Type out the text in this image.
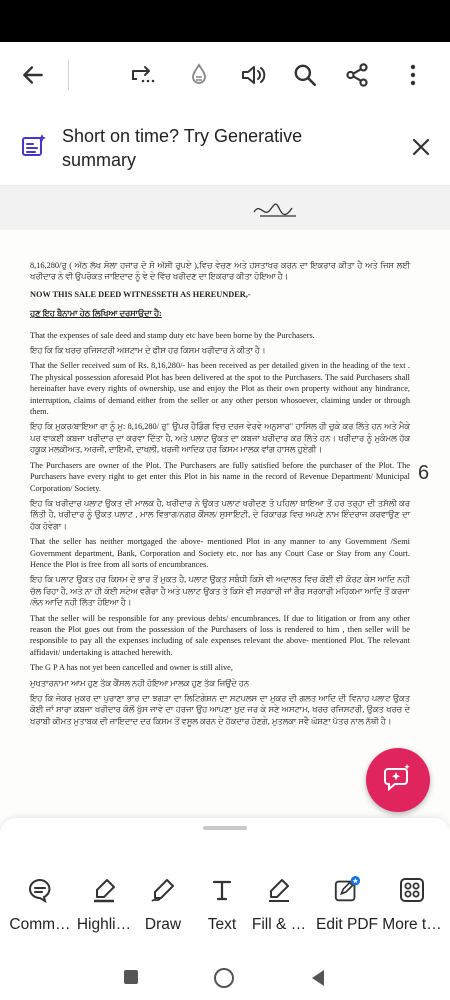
Short on time? Try Generative summary

8,16,280/ਰੁ ( ਅੱਠ ਲੱਖ ਸੋਲਾ ਹਜਾਰ ਦੋ ਸੋ ਅੱਸੀ ਰੁਪਏ ),ਵਿਚ ਵੇਚਣ ਅਤੇ ਹਸਤਾਖਰ ਕਰਨ ਦਾ ਇਕਰਾਰ ਕੀਤਾ ਹੈ ਅਤੇ ਜਿਸ ਲਈ ਖਰੀਦਾਰ ਨੇ ਵੀ ਉਪਰੋਕਤ ਜਾਇਦਾਦ ਨੂੰ ਵੇ ਦੇ ਵਿੱਚ ਖਰੀਦਣ ਦਾ ਇਕਰਾਰ ਕੀਤਾ ਹੋਇਆ ਹੈ।

NOW THIS SALE DEED WITNESSETH AS HEREUNDER,-

ਹੁਣ ਇਹ ਬੈਨਾਮਾ ਹੇਠ ਲਿਖਿਆ ਦਰਸਾਉਦਾ ਹੈ:

That the expenses of sale deed and stamp duty etc have been borne by the Purchasers.

ਇਹ ਕਿ ਕਿ ਖਰਚ ਰਜਿਸਟਰੀ ਅਸ਼ਟਾਮ ਦੇ ਫੀਸ ਹਰ ਕਿਸਮ ਖਰੀਦਾਰ ਨੇ ਕੀਤਾ ਹੈ।

That the Seller received sum of Rs. 8,16,280/- has been received as per detailed given in the heading of the text . The physical possession aforesaid Plot has been delivered at the spot to the Purchasers. The said Purchasers shall hereinafter have every rights of ownership, use and enjoy the Plot as their own property without any hindrance, interruption, claims of demand either from the seller or any other person whosoever, claiming under or through them.

ਇਹ ਕਿ ਮੁਕਰ/ਬਾਇਆ ਰਾ ਨੂੰ ਮੁ: 8,16,280/ ਰੁ" ਉਪਰ ਹੈਡਿੰਗ ਵਿਚ ਦਰਜ ਵੇਰਵੇ ਅਨੁਸਾਰ" ਹਾਸਿਲ ਹੀ ਚੁਕੇ ਕਰ ਲਿੱਤੇ ਹਨ ਅਤੇ ਮੈਕੇ ਪਰ ਵਾਕਈ ਕਬਜਾ ਖਰੀਦਾਰ ਦਾ ਕਰਵਾ ਦਿੱਤਾ ਹੈ, ਅਤੇ ਪਲਾਟ ਉਕਤ ਦਾ ਕਬਜਾ ਖਰੀਦਾਰ ਕਰ ਲਿੱਤੇ ਹਨ। ਖਰੀਦਾਰ ਨੂੰ ਮੁਕੰਮਲ ਹੱਕ ਹਕੂਕ ਮਲਕੀਅਤ, ਅਰਜੀ, ਦਾਇਮੀ, ਦਾਖਲੀ, ਖਰਜੀ ਆਦਿਕ ਹਰ ਕਿਸਮ ਮਾਲਕ ਵਾਂਗ ਹਾਸਲ ਹੁਏਗੀ।

The Purchasers are owner of the Plot. The Purchasers are fully satisfied before the purchaser of the Plot. The Purchasers have every right to get enter this Plot in his name in the record of Revenue Department/ Municipal Corporation/ Society.

ਇਹ ਕਿ ਖਰੀਦਾਰ ਪਲਾਟ ਉਕਤ ਦੀ ਮਾਲਕ ਹੈ, ਖਰੀਦਾਰ ਨੇ ਉਕਤ ਪਲਾਟ ਖਰੀਦਣ ਤੋ ਪਹਿਲਾ ਬਾਇਆ ਤੋਂ ਹਰ ਤਰ੍ਹਾ ਦੀ ਤਸੱਲੀ ਕਰ ਲਿੱਤੀ ਹੈ, ਖਰੀਦਾਰ ਨੂੰ ਉਕਤ ਪਲਾਟ , ਮਾਲ ਵਿਭਾਗ/ਨਗਰ ਕੌਂਸਲ/ ਸੁਸਾਇਟੀ, ਦੇ ਰਿਕਾਰਡ ਵਿਚ ਅਪਣੇ ਨਾਮ ਇੰਦਰਾਜ ਕਰਵਾਉਣ ਦਾ ਹੱਕ ਹੋਵੇਗਾ।

That the seller has neither mortgaged the above- mentioned Plot in any manner to any Government /Semi Government department, Bank, Corporation and Society etc. nor has any Court Case or Stay from any Court. Hence the Plot is free from all sorts of encumbrances.

ਇਹ ਕਿ ਪਲਾਟ ਉਕਤ ਹਰ ਕਿਸਮ ਦੇ ਭਾਰ ਤੋਂ ਮੁਕਤ ਹੈ, ਪਲਾਟ ਉਕਤ ਸਬੰਧੀ ਕਿਸੇ ਵੀ ਅਦਾਲਤ ਵਿਚ ਕੋਈ ਵੀ ਕੋਰਟ ਕੇਸ ਆਦਿ ਨਹੀ ਚੱਲ ਰਿਹਾ ਹੈ, ਅਤੇ ਨਾ ਹੀ ਕੋਈ ਸਟੇਅ ਵਗੈਰਾ ਹੈ ਅਤੇ ਪਲਾਟ ਉਕਤ ਤੇ ਕਿਸੇ ਵੀ ਸਰਕਾਰੀ ਜਾਂ ਗੈਰ ਸਰਕਾਰੀ ਮਹਿਕਮਾ ਆਦਿ ਤੋਂ ਕਰਜਾ /ਲੋਨ ਆਦਿ ਨਹੀ ਲਿੱਤਾ ਹੋਇਆ ਹੈ।

That the seller will be responsible for any previous debts/ encumbrances. If due to litigation or from any other reason the Plot goes out from the possession of the Purchasers of loss is rendered to him , then seller will be responsible to pay all the expenses including of sale expenses relevant the above- mentioned Plot. The relevant affidavit/ undertaking is attached herewith.

The G P A has not yet been cancelled and owner is still alive,

ਮੁਖਤਾਰਨਾਮਾ ਆਮ ਹੁਣ ਤੱਕ ਕੈਂਸਲ ਨਹੀ ਹੋਇਆ ਮਾਲਕ ਹੁਣ ਤੱਕ ਜਿਉਂਦੇ ਹਨ

ਇਹ ਕਿ ਜੇਕਰ ਮੁਕਰ ਦਾ ਪੁਰਾਣਾ ਭਾਰ ਦਾ ਝਗੜਾ ਦਾ ਲਿਟਿਗੇਸ਼ਨ ਦਾ ਸਟਪਲਸ ਦਾ ਮੁਕਰ ਦੀ ਗਲਤ ਆਦਿ ਦੀ ਵਿਨਾਹ ਪਲਾਟ ਉਕਤ ਕੋਈ ਜਾਂ ਸਾਰਾ ਕਬਜਾ ਖਰੀਦਾਰ ਕੋਲੋਂ ਖੁੱਸ ਜਾਵੇ ਦਾ ਹਰਜਾ ਉਹ ਆਪਣਾ ਖ਼ੁਦ ਜਰ ਕੇ ਸਣੇ ਅਸਟਾਮ, ਖਰਚ ਰਜਿਸਟਰੀ, ਉਕਤ ਖਰਚ ਦੇ ਖਰਾਬੀ ਕੀਮਤ ਮੁਤਾਬਕ ਦੀ ਜ਼ਾਇਦਾਦ ਦਰ ਕਿਸਮ ਤੋਂ ਵਸੂਲ ਕਰਨ ਦੇ ਹੱਕਦਾਰ ਹੋਣਗੇ, ਮੁਤਲਕਾ ਸਵੈ ਘੋਸ਼ਣਾ ਪੱਤਰ ਨਾਲ ਨੱਥੀ ਹੈ।

6
Comm… Highli… Draw	Text	Fill & … Edit PDF More t…
